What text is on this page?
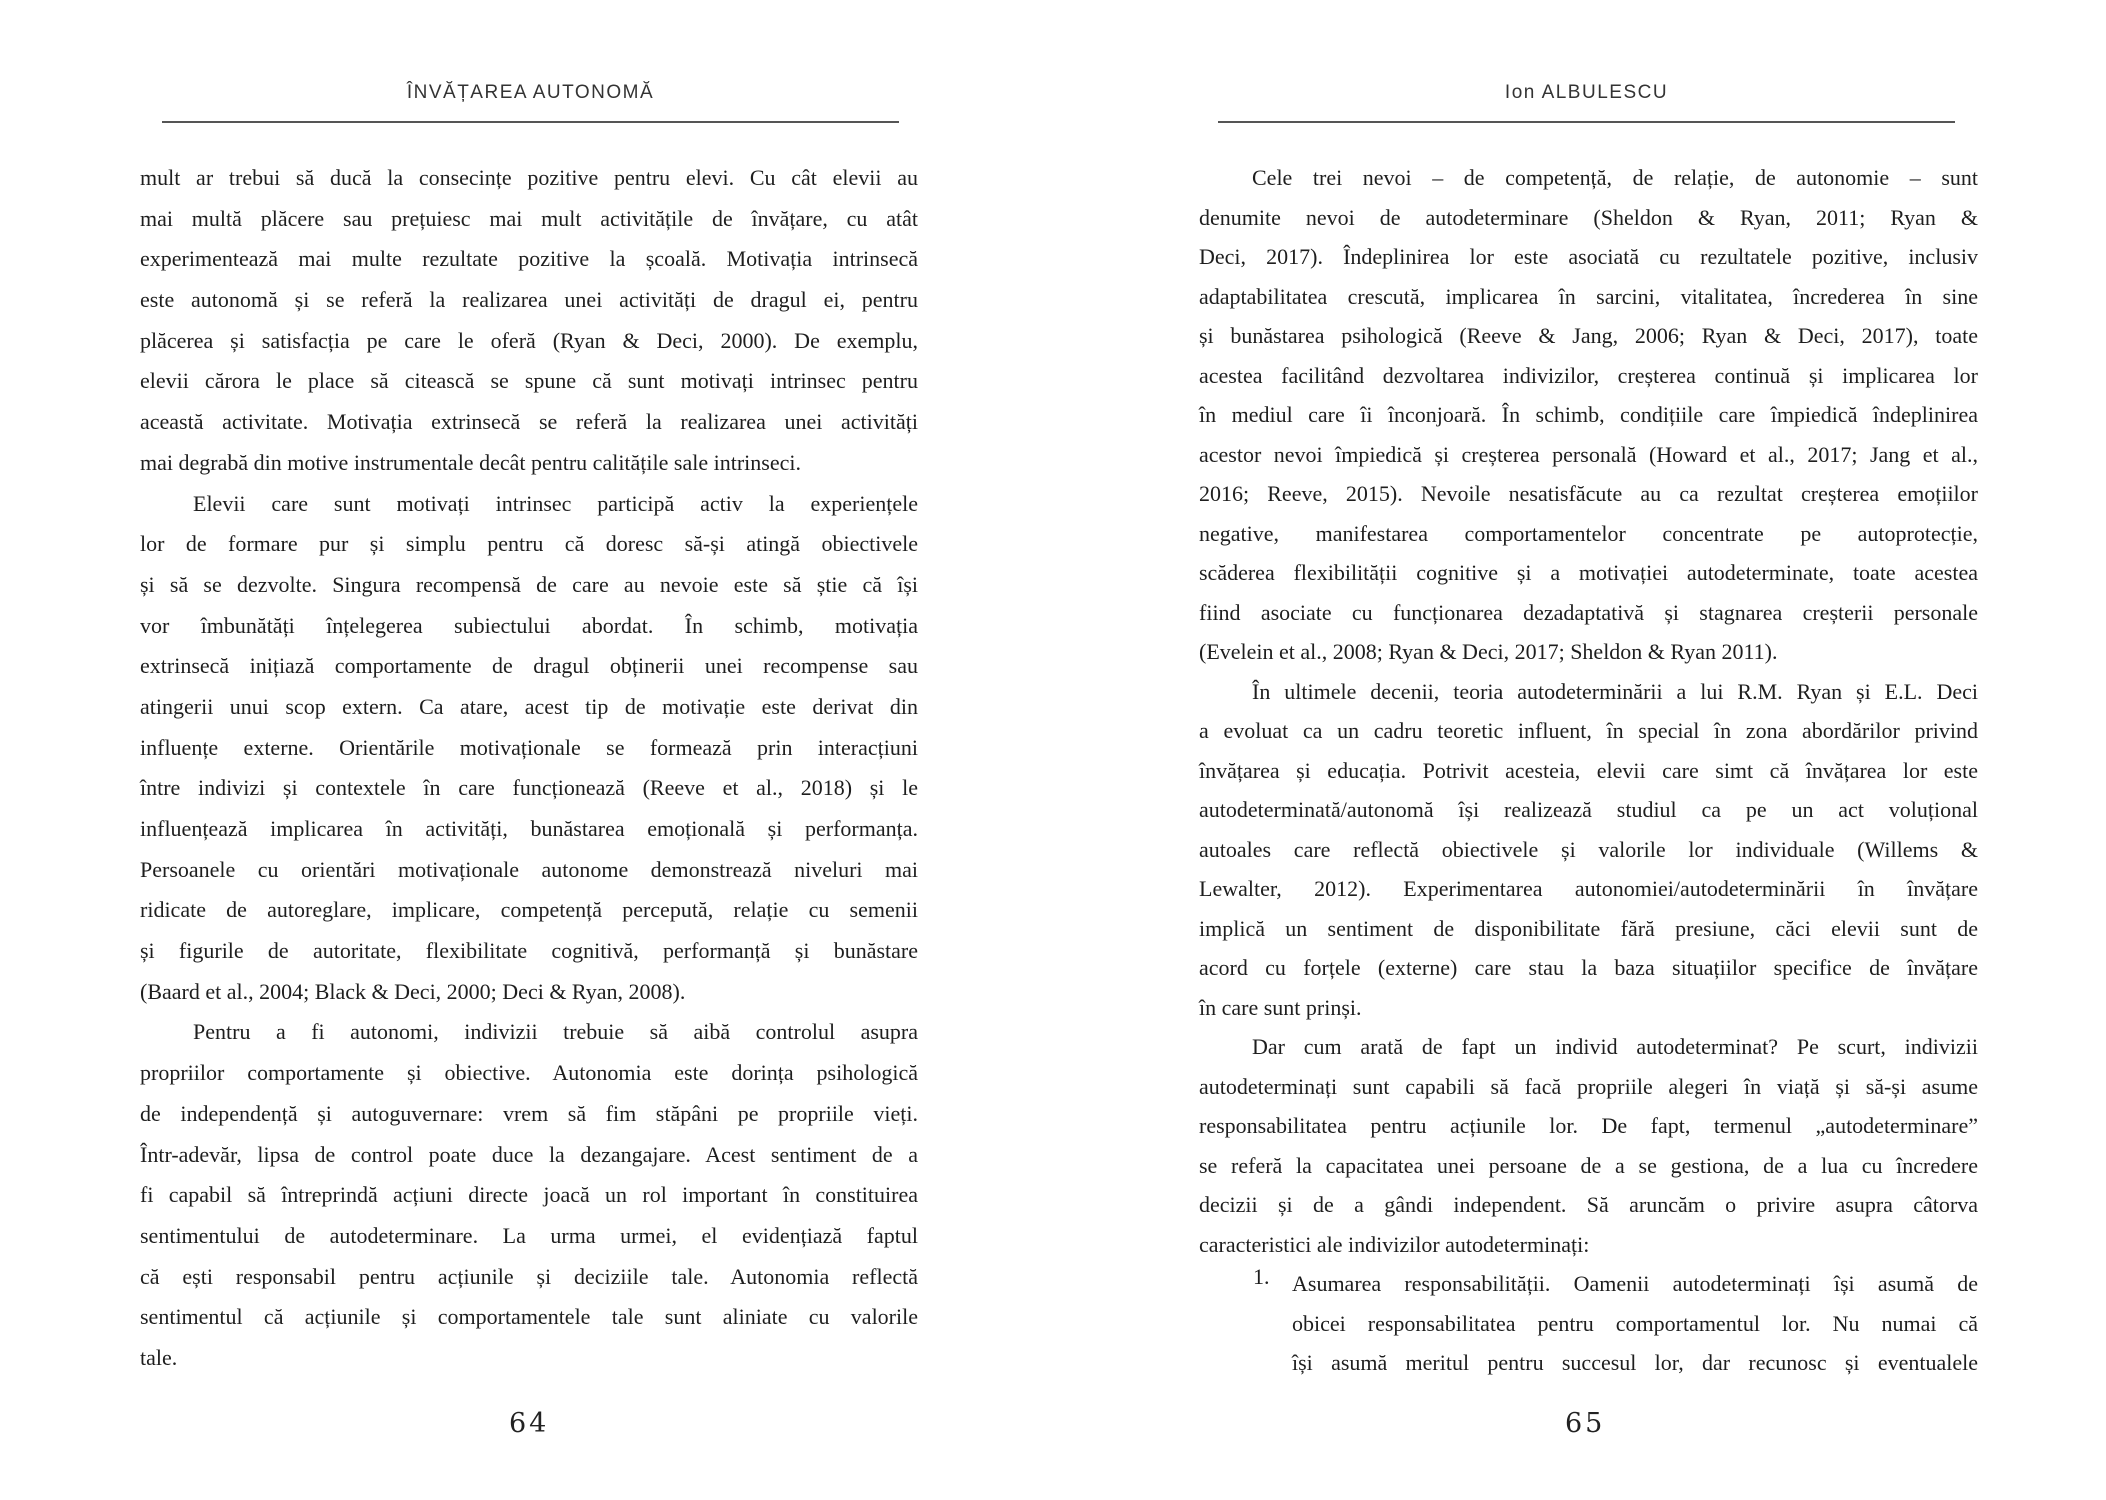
ÎNVĂȚAREA AUTONOMĂ	Ion ALBULESCU
mult ar trebui să ducă la consecințe pozitive pentru elevi. Cu cât elevii au
mai multă plăcere sau prețuiesc mai mult activitățile de învățare, cu atât
experimentează mai multe rezultate pozitive la școală. Motivația intrinsecă
este autonomă și se referă la realizarea unei activități de dragul ei, pentru
plăcerea și satisfacția pe care le oferă (Ryan & Deci, 2000). De exemplu,
elevii cărora le place să citească se spune că sunt motivați intrinsec pentru
această activitate. Motivația extrinsecă se referă la realizarea unei activități
mai degrabă din motive instrumentale decât pentru calitățile sale intrinseci.
Elevii care sunt motivați intrinsec participă activ la experiențele
lor de formare pur și simplu pentru că doresc să-și atingă obiectivele
și să se dezvolte. Singura recompensă de care au nevoie este să știe că își
vor îmbunătăți înțelegerea subiectului abordat. În schimb, motivația
extrinsecă inițiază comportamente de dragul obținerii unei recompense sau
atingerii unui scop extern. Ca atare, acest tip de motivație este derivat din
influențe externe. Orientările motivaționale se formează prin interacțiuni
între indivizi și contextele în care funcționează (Reeve et al., 2018) și le
influențează implicarea în activități, bunăstarea emoțională și performanța.
Persoanele cu orientări motivaționale autonome demonstrează niveluri mai
ridicate de autoreglare, implicare, competență percepută, relație cu semenii
și figurile de autoritate, flexibilitate cognitivă, performanță și bunăstare
(Baard et al., 2004; Black & Deci, 2000; Deci & Ryan, 2008).
Pentru a fi autonomi, indivizii trebuie să aibă controlul asupra
propriilor comportamente și obiective. Autonomia este dorința psihologică
de independență și autoguvernare: vrem să fim stăpâni pe propriile vieți.
Într-adevăr, lipsa de control poate duce la dezangajare. Acest sentiment de a
fi capabil să întreprindă acțiuni directe joacă un rol important în constituirea
sentimentului de autodeterminare. La urma urmei, el evidențiază faptul
că ești responsabil pentru acțiunile și deciziile tale. Autonomia reflectă
sentimentul că acțiunile și comportamentele tale sunt aliniate cu valorile
tale.
Cele trei nevoi – de competență, de relație, de autonomie – sunt
denumite nevoi de autodeterminare (Sheldon & Ryan, 2011; Ryan &
Deci, 2017). Îndeplinirea lor este asociată cu rezultatele pozitive, inclusiv
adaptabilitatea crescută, implicarea în sarcini, vitalitatea, încrederea în sine
și bunăstarea psihologică (Reeve & Jang, 2006; Ryan & Deci, 2017), toate
acestea facilitând dezvoltarea indivizilor, creșterea continuă și implicarea lor
în mediul care îi înconjoară. În schimb, condițiile care împiedică îndeplinirea
acestor nevoi împiedică și creșterea personală (Howard et al., 2017; Jang et al.,
2016; Reeve, 2015). Nevoile nesatisfăcute au ca rezultat creșterea emoțiilor
negative, manifestarea comportamentelor concentrate pe autoprotecție,
scăderea flexibilității cognitive și a motivației autodeterminate, toate acestea
fiind asociate cu funcționarea dezadaptativă și stagnarea creșterii personale
(Evelein et al., 2008; Ryan & Deci, 2017; Sheldon & Ryan 2011).
În ultimele decenii, teoria autodeterminării a lui R.M. Ryan și E.L. Deci
a evoluat ca un cadru teoretic influent, în special în zona abordărilor privind
învățarea și educația. Potrivit acesteia, elevii care simt că învățarea lor este
autodeterminată/autonomă își realizează studiul ca pe un act voluțional
autoales care reflectă obiectivele și valorile lor individuale (Willems &
Lewalter, 2012). Experimentarea autonomiei/autodeterminării în învățare
implică un sentiment de disponibilitate fără presiune, căci elevii sunt de
acord cu forțele (externe) care stau la baza situațiilor specifice de învățare
în care sunt prinși.
Dar cum arată de fapt un individ autodeterminat? Pe scurt, indivizii
autodeterminați sunt capabili să facă propriile alegeri în viață și să-și asume
responsabilitatea pentru acțiunile lor. De fapt, termenul „autodeterminare”
se referă la capacitatea unei persoane de a se gestiona, de a lua cu încredere
decizii și de a gândi independent. Să aruncăm o privire asupra câtorva
caracteristici ale indivizilor autodeterminați:
1. Asumarea responsabilității. Oamenii autodeterminați își asumă de
obicei responsabilitatea pentru comportamentul lor. Nu numai că
își asumă meritul pentru succesul lor, dar recunosc și eventualele
64	65
